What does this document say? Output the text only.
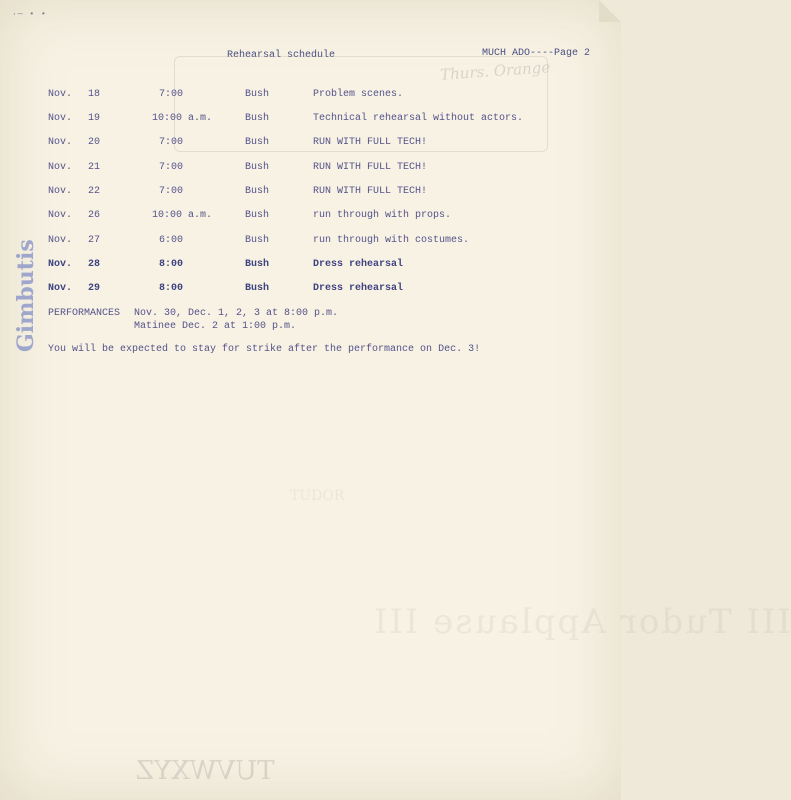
·— • •
Rehearsal schedule	MUCH ADO----Page 2
Thurs. Orange
Nov. 18	7:00	Bush	Problem scenes.
Nov. 19	10:00 a.m.	Bush	Technical rehearsal without actors.
Nov. 20	7:00	Bush	RUN WITH FULL TECH!
Nov. 21	7:00	Bush	RUN WITH FULL TECH!
Nov. 22	7:00	Bush	RUN WITH FULL TECH!
Nov. 26	10:00 a.m.	Bush	run through with props.
Nov. 27	6:00	Bush	run through with costumes.
Nov. 28	8:00	Bush	Dress rehearsal
Nov. 29	8:00	Bush	Dress rehearsal
PERFORMANCES Nov. 30, Dec. 1, 2, 3 at 8:00 p.m.
Matinee Dec. 2 at 1:00 p.m.
You will be expected to stay for strike after the performance on Dec. 3!
Gimbutis
TUDOR
III Tudor Applause III
TUVWXYZ
